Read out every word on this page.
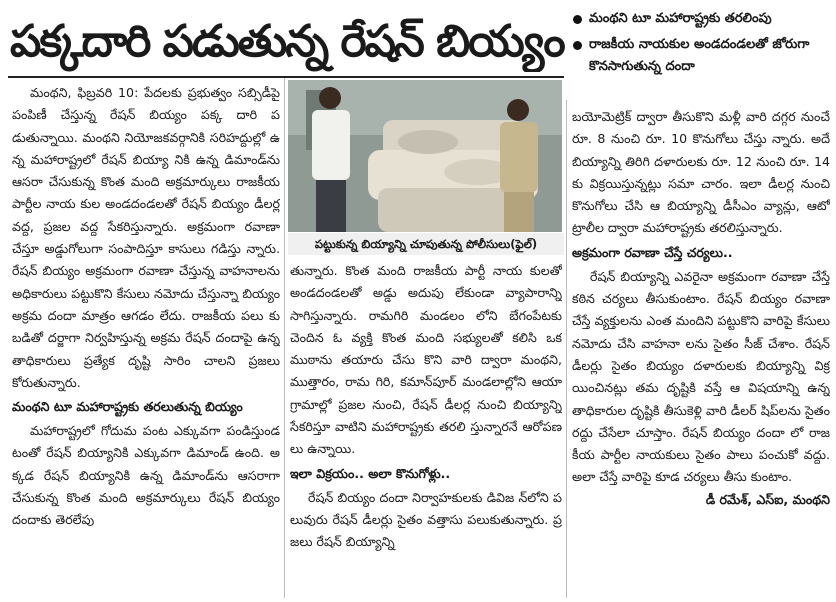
పక్కదారి పడుతున్న రేషన్ బియ్యం మంథని టూ మహారాష్ట్రకు తరలింపు
రాజకీయ నాయకుల అండదండలతో జోరుగా కొనసాగుతున్న దందా

మంథని, ఫిబ్రవరి 10: పేదలకు ప్రభుత్వం సబ్సిడీపై పంపిణీ చేస్తున్న రేషన్ బియ్యం పక్క దారి పడుతున్నాయి. మంథని నియోజకవర్గానికి సరిహద్దుల్లో ఉన్న మహారాష్ట్రలో రేషన్ బియ్యా నికి ఉన్న డిమాండ్‌ను ఆసరా చేసుకున్న కొంత మంది అక్రమార్కులు రాజకీయ పార్టీల నాయ కుల అండదండలతో రేషన్ బియ్యం డీలర్ల వద్ద, ప్రజల వద్ద సేకరిస్తున్నారు. అక్రమంగా రవాణా చేస్తూ అడ్డుగోలుగా సంపాదిస్తూ కాసులు గడిస్తు న్నారు. రేషన్ బియ్యం అక్రమంగా రవాణా చేస్తున్న వాహనాలను అధికారులు పట్టుకొని కేసులు నమోదు చేస్తున్నా బియ్యం అక్రమ దందా మాత్రం ఆగడం లేదు. రాజకీయ పలు కు బడితో దర్జాగా నిర్వహిస్తున్న అక్రమ రేషన్ దందాపై ఉన్నతాధికారులు ప్రత్యేక దృష్టి సారిం చాలని ప్రజలు కోరుతున్నారు.

మంథని టూ మహారాష్ట్రకు తరలుతున్న బియ్యం

మహారాష్ట్రలో గోదుమ పంట ఎక్కువగా పండిస్తుండటంతో రేషన్ బియ్యానికి ఎక్కువగా డిమాండ్ ఉంది. అక్కడ రేషన్ బియ్యానికి ఉన్న డిమాండ్‌ను ఆసరాగా చేసుకున్న కొంత మంది అక్రమార్కులు రేషన్ బియ్యం దందాకు తెరలేపు

పట్టుకున్న బియ్యాన్ని చూపుతున్న పోలీసులు(ఫైల్)
తున్నారు. కొంత మంది రాజకీయ పార్టీ నాయ కులతో అండదండలతో అడ్డు అదుపు లేకుండా వ్యాపారాన్ని సాగిస్తున్నారు. రామగిరి మండలం లోని బేగంపేటకు చెందిన ఓ వ్యక్తి కొంత మంది సభ్యులతో కలిసి ఒక ముఠాను తయారు చేసు కొని వారి ద్వారా మంథని, ముత్తారం, రామ గిరి, కమాన్‌పూర్ మండలాల్లోని ఆయా గ్రామాల్లో ప్రజల నుంచి, రేషన్ డీలర్ల నుంచి బియ్యాన్ని సేకరిస్తూ వాటిని మహారాష్ట్రకు తరలి స్తున్నారనే ఆరోపణలు ఉన్నాయి.
ఇలా విక్రయం.. అలా కొనుగోళ్లు..

రేషన్ బియ్యం దందా నిర్వాహకులకు డివిజ న్‌లోని పలువురు రేషన్ డీలర్లు సైతం వత్తాసు పలుకుతున్నారు. ప్రజలు రేషన్ బియ్యాన్ని

బయోమెట్రిక్ ద్వారా తీసుకొని మళ్లీ వారి దగ్గర నుంచే రూ. 8 నుంచి రూ. 10 కొనుగోలు చేస్తు న్నారు. అదే బియ్యాన్ని తిరిగి దళారులకు రూ. 12 నుంచి రూ. 14కు విక్రయిస్తున్నట్లు సమా చారం. ఇలా డీలర్ల నుంచి కొనుగోలు చేసి ఆ బియ్యాన్ని డీసీఎం వ్యాన్లు, ఆటో ట్రాలీల ద్వారా మహారాష్ట్రకు తరలిస్తున్నారు.
అక్రమంగా రవాణా చేస్తే చర్యలు..

రేషన్ బియ్యాన్ని ఎవరైనా అక్రమంగా రవాణా చేస్తే కఠిన చర్యలు తీసుకుంటాం. రేషన్ బియ్యం రవాణా చేస్తే వ్యక్తులను ఎంత మందిని పట్టుకొని వారిపై కేసులు నమోదు చేసి వాహనా లను సైతం సీజ్ చేశాం. రేషన్ డీలర్లు సైతం బియ్యం దళారులకు బియ్యాన్ని విక్రయించినట్లు తమ దృష్టికి వస్తే ఆ విషయాన్ని ఉన్నతాధికారుల దృష్టికి తీసుకెళ్లి వారి డీలర్ షిప్‌లను సైతం రద్దు చేసేలా చూస్తాం. రేషన్ బియ్యం దందా లో రాజ కీయ పార్టీల నాయకులు సైతం పాలు పంచుకో వద్దు. అలా చేస్తే వారిపై కూడ చర్యలు తీసు కుంటాం.

డీ రమేశ్, ఎస్ఐ, మంథని
